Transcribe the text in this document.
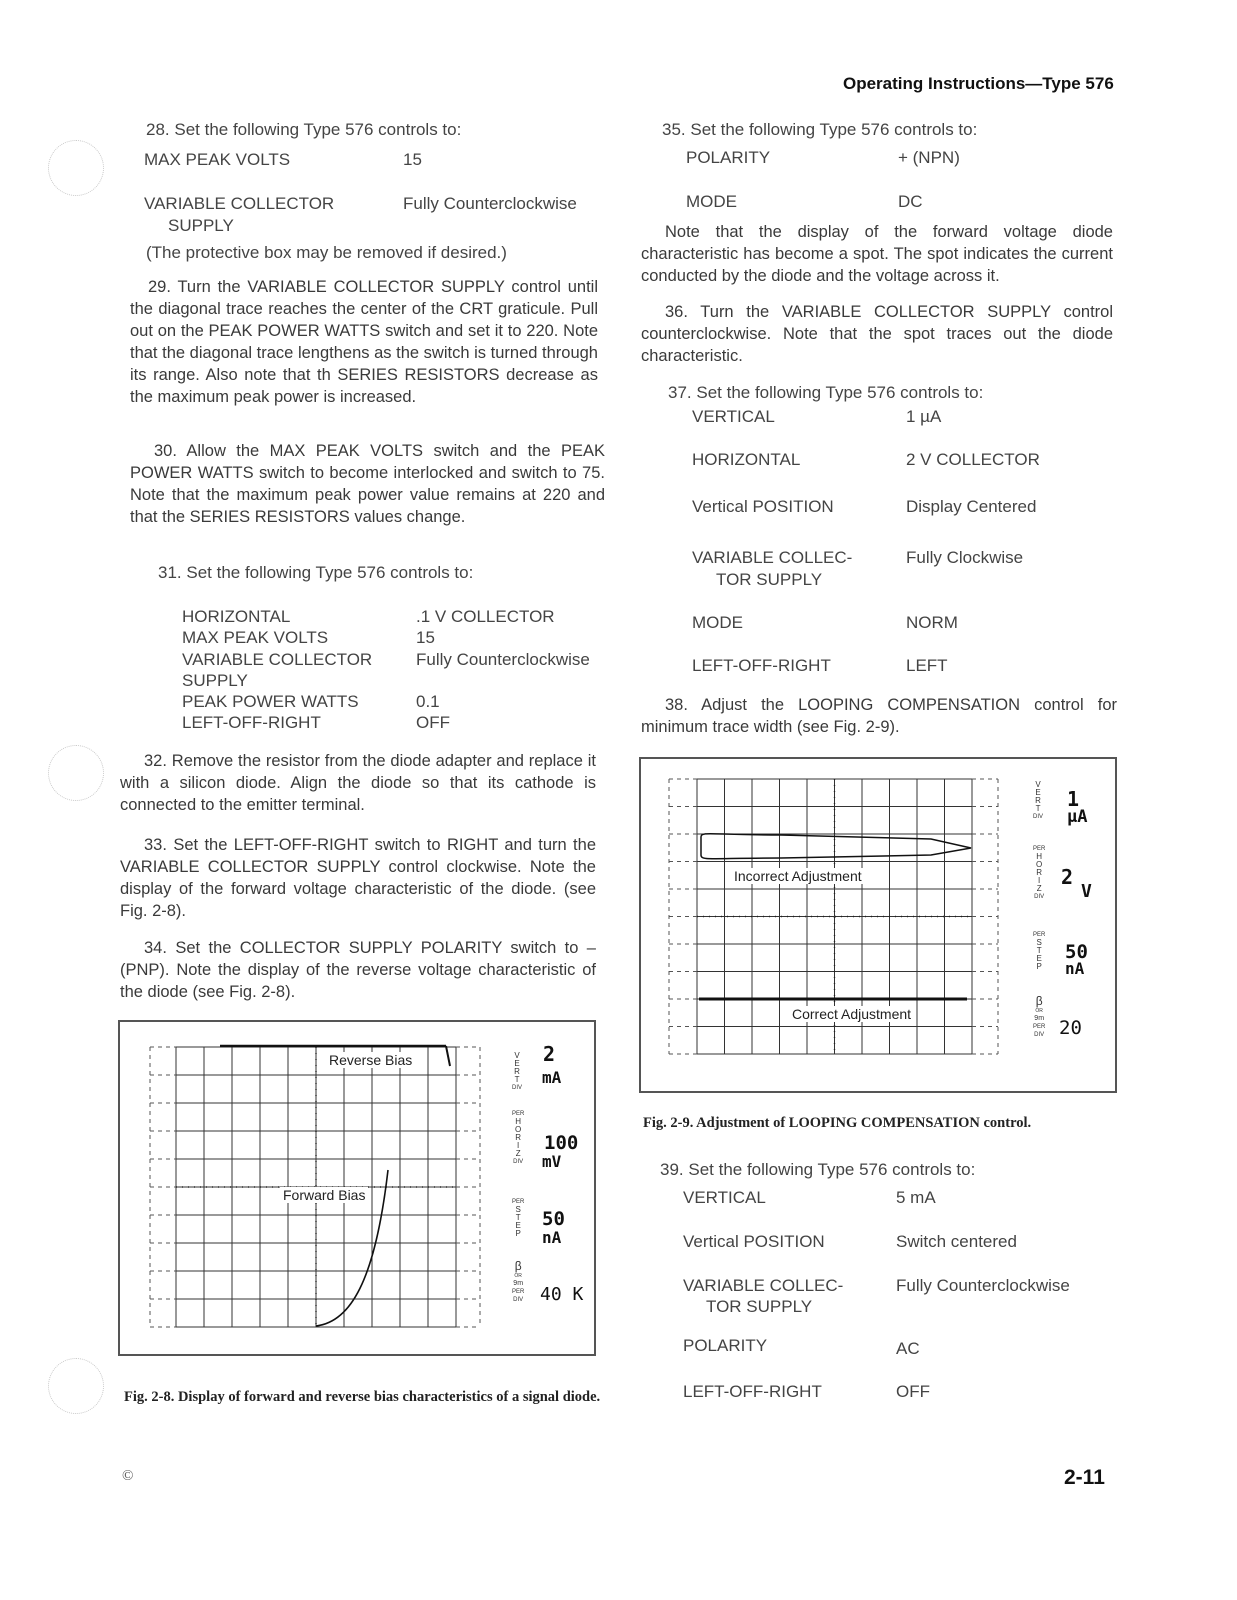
Operating Instructions—Type 576
28. Set the following Type 576 controls to:
MAX PEAK VOLTS	15
VARIABLE COLLECTOR	Fully Counterclockwise
SUPPLY
(The protective box may be removed if desired.)
29. Turn the VARIABLE COLLECTOR SUPPLY control until the diagonal trace reaches the center of the CRT graticule. Pull out on the PEAK POWER WATTS switch and set it to 220. Note that the diagonal trace lengthens as the switch is turned through its range. Also note that th SERIES RESISTORS decrease as the maximum peak power is increased.
30. Allow the MAX PEAK VOLTS switch and the PEAK POWER WATTS switch to become interlocked and switch to 75. Note that the maximum peak power value remains at 220 and that the SERIES RESISTORS values change.
31. Set the following Type 576 controls to:
HORIZONTAL	.1 V COLLECTOR
MAX PEAK VOLTS	15
VARIABLE COLLECTOR	Fully Counterclockwise
SUPPLY
PEAK POWER WATTS	0.1
LEFT-OFF-RIGHT	OFF
32. Remove the resistor from the diode adapter and replace it with a silicon diode. Align the diode so that its cathode is connected to the emitter terminal.
33. Set the LEFT-OFF-RIGHT switch to RIGHT and turn the VARIABLE COLLECTOR SUPPLY control clockwise. Note the display of the forward voltage characteristic of the diode. (see Fig. 2-8).
34. Set the COLLECTOR SUPPLY POLARITY switch to –(PNP). Note the display of the reverse voltage characteristic of the diode (see Fig. 2-8).
Reverse Bias
Forward Bias
V
E
R
T
DIV
2
mA
PER
H
O
R
I
Z
DIV
100
mV
PER
S
T
E
P
50
nA
β
OR
9m
PER
DIV 40 K
Fig. 2-8. Display of forward and reverse bias characteristics of a signal diode.
35. Set the following Type 576 controls to:
POLARITY	+ (NPN)
MODE	DC
Note that the display of the forward voltage diode characteristic has become a spot. The spot indicates the current conducted by the diode and the voltage across it.
36. Turn the VARIABLE COLLECTOR SUPPLY control counterclockwise. Note that the spot traces out the diode characteristic.
37. Set the following Type 576 controls to:
VERTICAL	1 µA
HORIZONTAL	2 V COLLECTOR
Vertical POSITION	Display Centered
VARIABLE COLLEC-	Fully Clockwise
TOR SUPPLY
MODE	NORM
LEFT-OFF-RIGHT	LEFT
38. Adjust the LOOPING COMPENSATION control for minimum trace width (see Fig. 2-9).
Incorrect Adjustment
Correct Adjustment
V
E
R
T
DIV
1
µA
PER
H
O
R
I
Z
DIV
2
V
PER
S
T
E
P
50
nA
β
OR
9m
PER
DIV 20
Fig. 2-9. Adjustment of LOOPING COMPENSATION control.
39. Set the following Type 576 controls to:
VERTICAL	5 mA
Vertical POSITION	Switch centered
VARIABLE COLLEC-	Fully Counterclockwise
TOR SUPPLY
POLARITY	AC
LEFT-OFF-RIGHT	OFF
©	2-11
